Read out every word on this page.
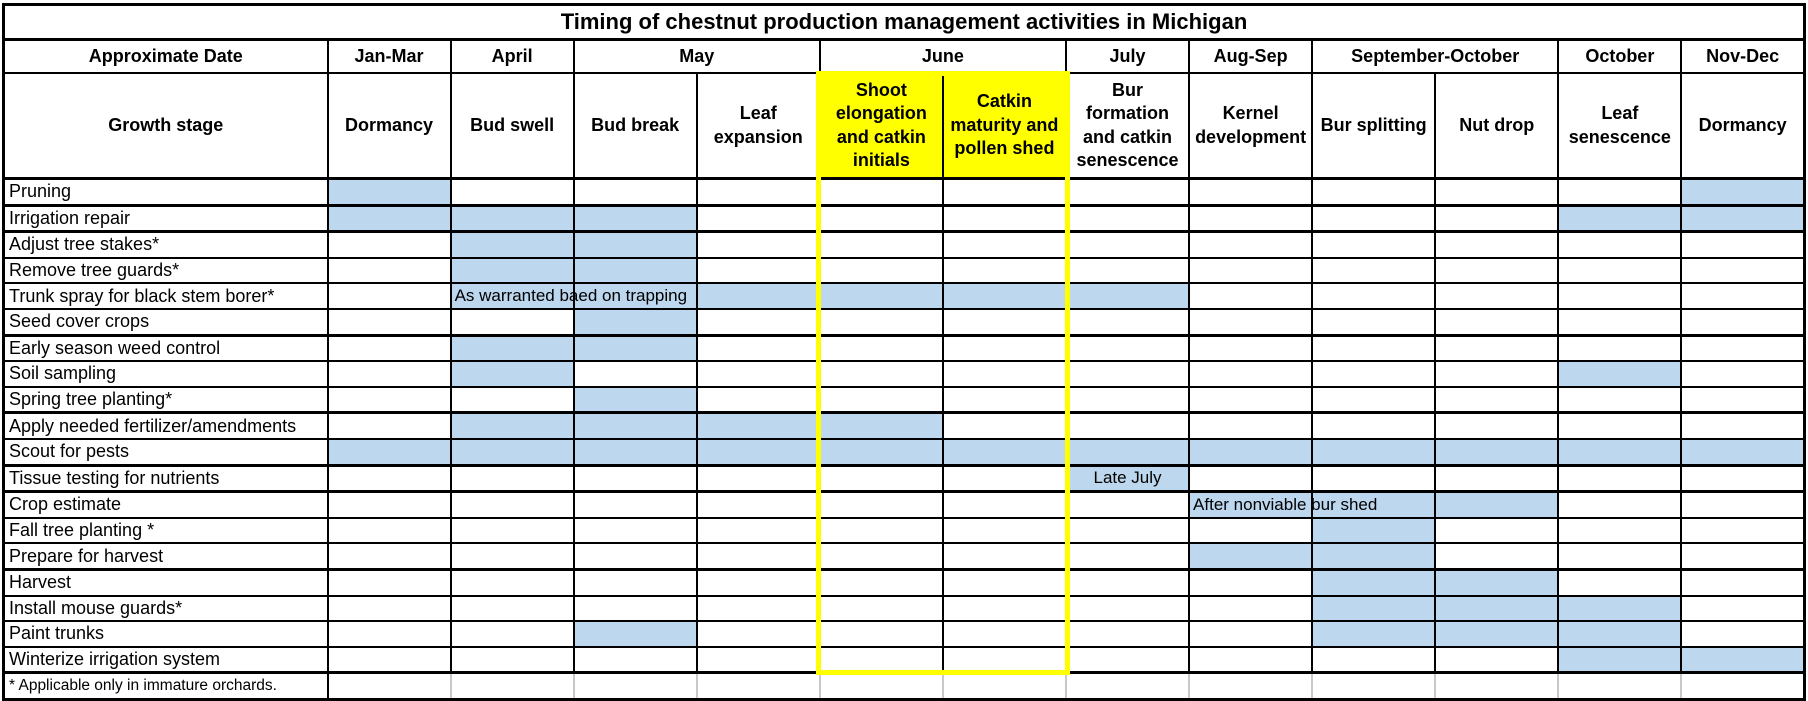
Timing of chestnut production management activities in Michigan												
Approximate Date	Jan-Mar	April	May		June		July	Aug-Sep	September-October		October	Nov-Dec
Growth stage	Dormancy	Bud swell	Bud break	Leaf expansion	Shoot elongation and catkin initials	Catkin maturity and pollen shed	Bur formation and catkin senescence	Kernel development	Bur splitting	Nut drop	Leaf senescence	Dormancy
Pruning												
Irrigation repair												
Adjust tree stakes*												
Remove tree guards*												
Trunk spray for black stem borer*		As warranted baed on trapping										

Seed cover crops												
Early season weed control												
Soil sampling												
Spring tree planting*												
Apply needed fertilizer/amendments												
Scout for pests												
Tissue testing for nutrients							Late July					
Crop estimate								After nonviable bur shed				

Fall tree planting *												
Prepare for harvest												
Harvest												
Install mouse guards*												
Paint trunks												
Winterize irrigation system												
* Applicable only in immature orchards.												
